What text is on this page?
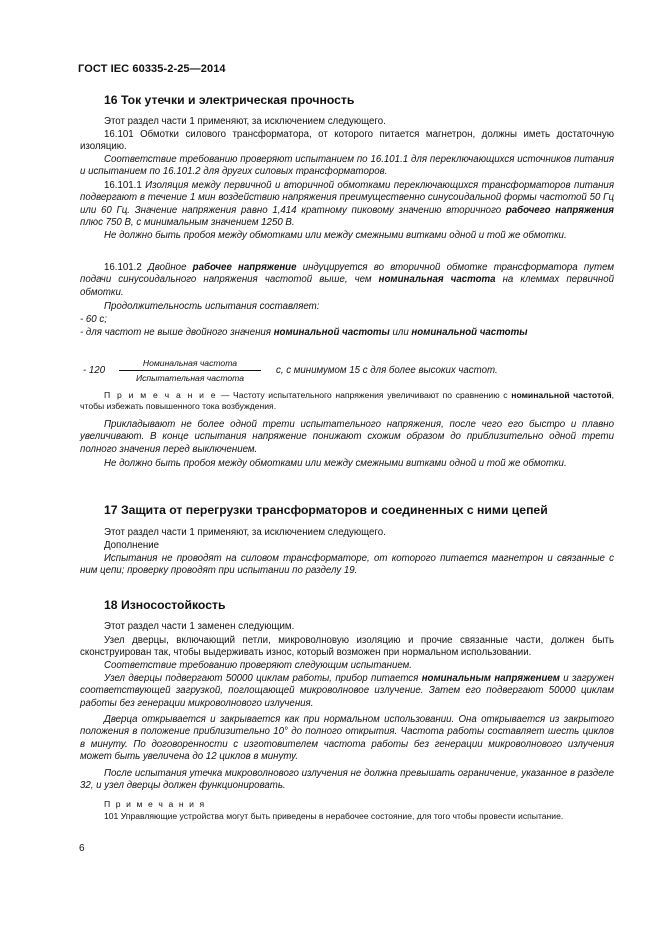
ГОСТ IEC 60335-2-25—2014
16 Ток утечки и электрическая прочность

Этот раздел части 1 применяют, за исключением следующего.

16.101 Обмотки силового трансформатора, от которого питается магнетрон, должны иметь достаточную изоляцию.

Соответствие требованию проверяют испытанием по 16.101.1 для переключающихся источников питания и испытанием по 16.101.2 для других силовых трансформаторов.

16.101.1 Изоляция между первичной и вторичной обмотками переключающихся трансформаторов питания подвергают в течение 1 мин воздействию напряжения преимущественно синусоидальной формы частотой 50 Гц или 60 Гц. Значение напряжения равно 1,414 кратному пиковому значению вторичного рабочего напряжения плюс 750 В, с минимальным значением 1250 В.

Не должно быть пробоя между обмотками или между смежными витками одной и той же обмотки.

16.101.2 Двойное рабочее напряжение индуцируется во вторичной обмотке трансформатора путем подачи синусоидального напряжения частотой выше, чем номинальная частота на клеммах первичной обмотки.

Продолжительность испытания составляет:

- 60 с;

- для частот не выше двойного значения номинальной частоты или номинальной частоты

- 120
Номинальная частота
Испытательная частота
с, с минимумом 15 с для более высоких частот.

П р и м е ч а н и е — Частоту испытательного напряжения увеличивают по сравнению с номинальной частотой, чтобы избежать повышенного тока возбуждения.

Прикладывают не более одной трети испытательного напряжения, после чего его быстро и плавно увеличивают. В конце испытания напряжение понижают схожим образом до приблизительно одной трети полного значения перед выключением.

Не должно быть пробоя между обмотками или между смежными витками одной и той же обмотки.

17 Защита от перегрузки трансформаторов и соединенных с ними цепей

Этот раздел части 1 применяют, за исключением следующего.

Дополнение

Испытания не проводят на силовом трансформаторе, от которого питается магнетрон и связанные с ним цепи; проверку проводят при испытании по разделу 19.

18 Износостойкость

Этот раздел части 1 заменен следующим.

Узел дверцы, включающий петли, микроволновую изоляцию и прочие связанные части, должен быть сконструирован так, чтобы выдерживать износ, который возможен при нормальном использовании.

Соответствие требованию проверяют следующим испытанием.

Узел дверцы подвергают 50000 циклам работы, прибор питается номинальным напряжением и загружен соответствующей загрузкой, поглощающей микроволновое излучение. Затем его подвергают 50000 циклам работы без генерации микроволнового излучения.

Дверца открывается и закрывается как при нормальном использовании. Она открывается из закрытого положения в положение приблизительно 10° до полного открытия. Частота работы составляет шесть циклов в минуту. По договоренности с изготовителем частота работы без генерации микроволнового излучения может быть увеличена до 12 циклов в минуту.

После испытания утечка микроволнового излучения не должна превышать ограничение, указанное в разделе 32, и узел дверцы должен функционировать.

П р и м е ч а н и я

101 Управляющие устройства могут быть приведены в нерабочее состояние, для того чтобы провести испытание.

6
